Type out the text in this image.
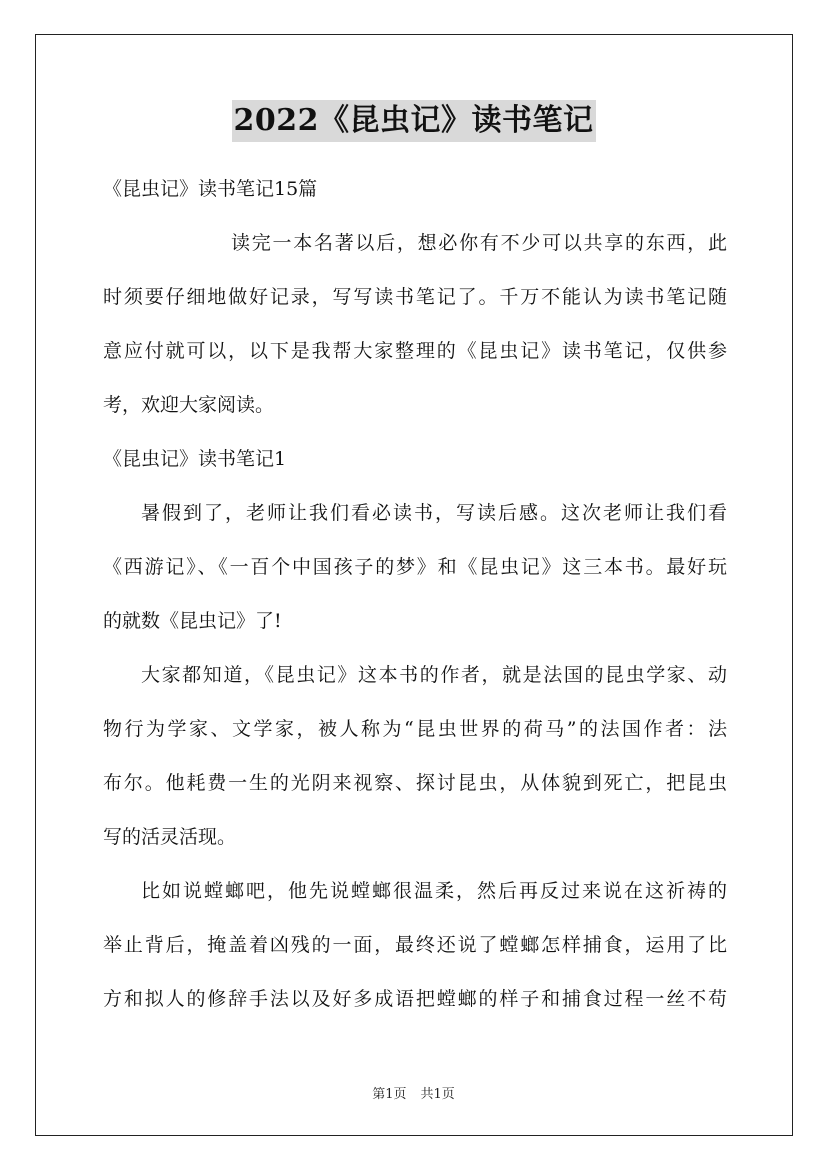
2022《昆虫记》读书笔记
《昆虫记》读书笔记15篇
读完一本名著以后，想必你有不少可以共享的东西，此
时须要仔细地做好记录，写写读书笔记了。千万不能认为读书笔记随
意应付就可以，以下是我帮大家整理的《昆虫记》读书笔记，仅供参
考，欢迎大家阅读。
《昆虫记》读书笔记1
暑假到了，老师让我们看必读书，写读后感。这次老师让我们看
《西游记》、《一百个中国孩子的梦》和《昆虫记》这三本书。最好玩
的就数《昆虫记》了!
大家都知道，《昆虫记》这本书的作者，就是法国的昆虫学家、动
物行为学家、文学家，被人称为“昆虫世界的荷马”的法国作者：法
布尔。他耗费一生的光阴来视察、探讨昆虫，从体貌到死亡，把昆虫
写的活灵活现。
比如说螳螂吧，他先说螳螂很温柔，然后再反过来说在这祈祷的
举止背后，掩盖着凶残的一面，最终还说了螳螂怎样捕食，运用了比
方和拟人的修辞手法以及好多成语把螳螂的样子和捕食过程一丝不苟
第1页 共1页
